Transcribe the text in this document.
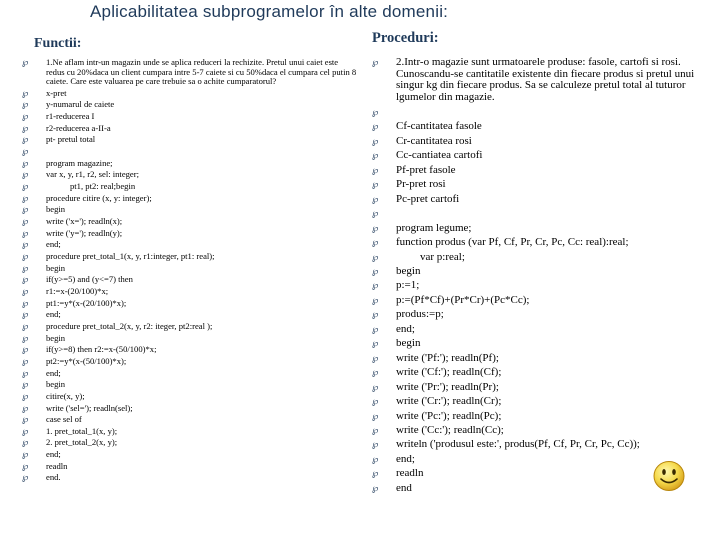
Aplicabilitatea subprogramelor în alte domenii:
Functii:
℘ 1.Ne aflam intr-un magazin unde se aplica reduceri la rechizite. Pretul unui caiet este redus cu 20%daca un client cumpara intre 5-7 caiete si cu 50%daca el cumpara cel putin 8 caiete. Care este valuarea pe care trebuie sa o achite cumparatorul?
℘ x-pret
℘ y-numarul de caiete
℘ r1-reducerea I
℘ r2-reducerea a-II-a
℘ pt- pretul total
℘
℘ program magazine;
℘ var x, y, r1, r2, sel: integer;
℘ pt1, pt2: real;begin
℘ procedure citire (x, y: integer);
℘ begin
℘ write ('x='); readln(x);
℘ write ('y='); readln(y);
℘ end;
℘ procedure pret_total_1(x, y, r1:integer, pt1: real);
℘ begin
℘ if(y>=5) and (y<=7) then
℘ r1:=x-(20/100)*x;
℘ pt1:=y*(x-(20/100)*x);
℘ end;
℘ procedure pret_total_2(x, y, r2: iteger, pt2:real );
℘ begin
℘ if(y>=8) then r2:=x-(50/100)*x;
℘ pt2:=y*(x-(50/100)*x);
℘ end;
℘ begin
℘ citire(x, y);
℘ write ('sel='); readln(sel);
℘ case sel of
℘ 1. pret_total_1(x, y);
℘ 2. pret_total_2(x, y);
℘ end;
℘ readln
℘ end.
Proceduri:
℘ 2.Intr-o magazie sunt urmatoarele produse: fasole, cartofi si rosi. Cunoscandu-se cantitatile existente din fiecare produs si pretul unui singur kg din fiecare produs. Sa se calculeze pretul total al tuturor lgumelor din magazie.
℘
℘ Cf-cantitatea fasole
℘ Cr-cantitatea rosi
℘ Cc-cantiatea cartofi
℘ Pf-pret fasole
℘ Pr-pret rosi
℘ Pc-pret cartofi
℘
℘ program legume;
℘ function produs (var Pf, Cf, Pr, Cr, Pc, Cc: real):real;
℘ var p:real;
℘ begin
℘ p:=1;
℘ p:=(Pf*Cf)+(Pr*Cr)+(Pc*Cc);
℘ produs:=p;
℘ end;
℘ begin
℘ write ('Pf:'); readln(Pf);
℘ write ('Cf:'); readln(Cf);
℘ write ('Pr:'); readln(Pr);
℘ write ('Cr:'); readln(Cr);
℘ write ('Pc:'); readln(Pc);
℘ write ('Cc:'); readln(Cc);
℘ writeln ('produsul este:', produs(Pf, Cf, Pr, Cr, Pc, Cc));
℘ end;
℘ readln
℘ end
